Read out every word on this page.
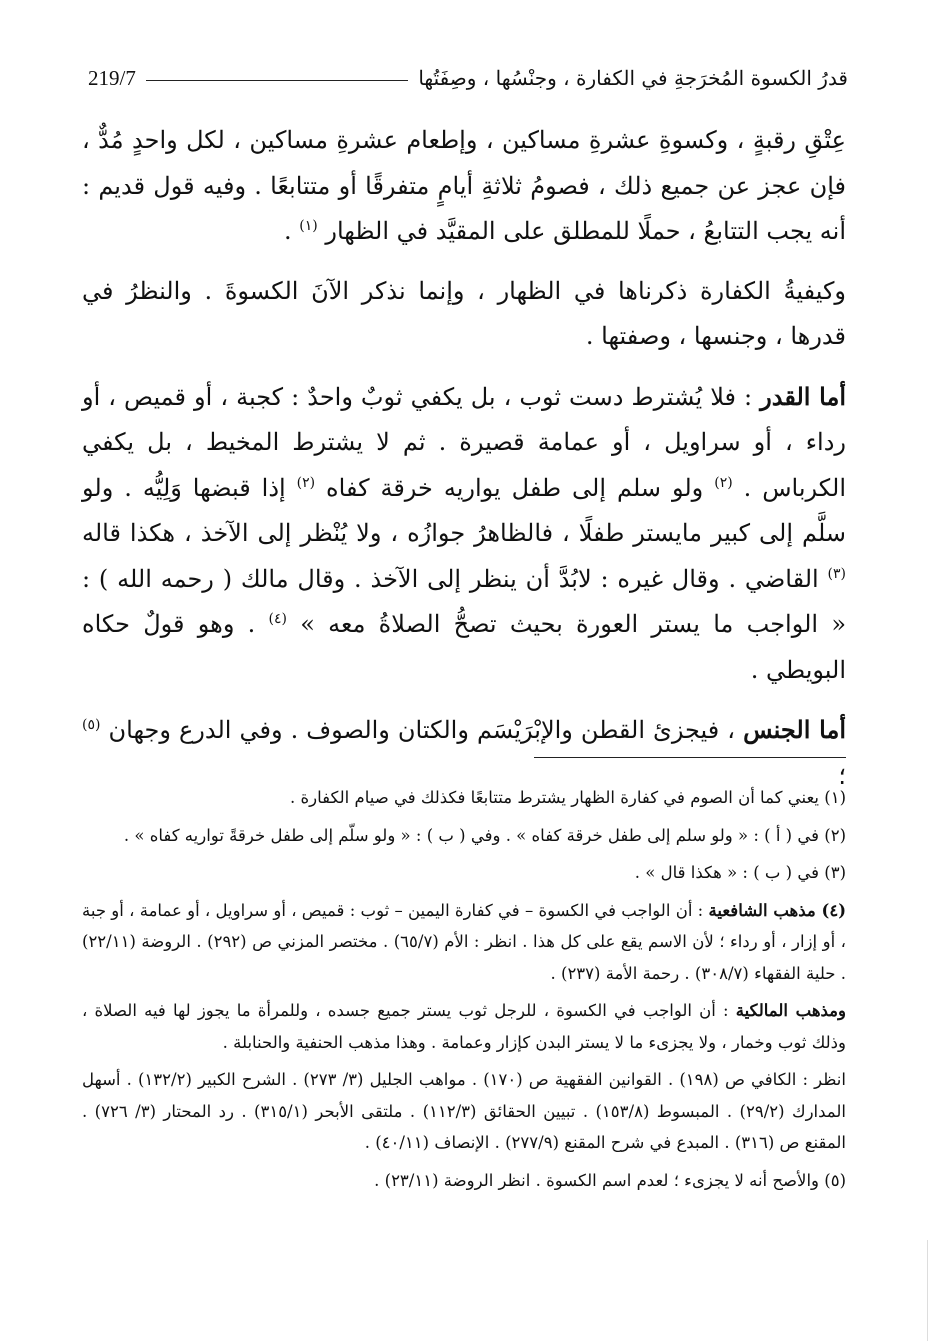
219/7	قدرُ الكسوة المُخرَجةِ في الكفارة ، وجنْسُها ، وصِفَتُها

عِتْقِ رقبةٍ ، وكسوةِ عشرةِ مساكين ، وإطعام عشرةِ مساكين ، لكل واحدٍ مُدٌّ ، فإن عجز عن جميع ذلك ، فصومُ ثلاثةِ أيامٍ متفرقًا أو متتابعًا . وفيه قول قديم : أنه يجب التتابعُ ، حملًا للمطلق على المقيَّد في الظهار $^{(١)}$ .

وكيفيةُ الكفارة ذكرناها في الظهار ، وإنما نذكر الآنَ الكسوةَ . والنظرُ في قدرها ، وجنسها ، وصفتها .

أما القدر : فلا يُشترط دست ثوب ، بل يكفي ثوبٌ واحدٌ : كجبة ، أو قميص ، أو رداء ، أو سراويل ، أو عمامة قصيرة . ثم لا يشترط المخيط ، بل يكفي الكرباس . $^{(٢)}$ ولو سلم إلى طفل يواريه خرقة كفاه $^{(٢)}$ إذا قبضها وَلِيُّه . ولو سلَّم إلى كبير مايستر طفلًا ، فالظاهرُ جوازُه ، ولا يُنْظر إلى الآخذ ، هكذا قاله $^{(٣)}$ القاضي . وقال غيره : لابُدَّ أن ينظر إلى الآخذ . وقال مالك ( رحمه الله ) : « الواجب ما يستر العورة بحيث تصحُّ الصلاةُ معه » $^{(٤)}$ . وهو قولٌ حكاه البويطي .

أما الجنس ، فيجزئ القطن والإبْرَيْسَم والكتان والصوف . وفي الدرع وجهان $^{(٥)}$ ؛

(١) يعني كما أن الصوم في كفارة الظهار يشترط متتابعًا فكذلك في صيام الكفارة .

(٢) في ( أ ) : « ولو سلم إلى طفل خرقة كفاه » . وفي ( ب ) : « ولو سلّم إلى طفل خرقةً تواريه كفاه » .

(٣) في ( ب ) : « هكذا قال » .

(٤) مذهب الشافعية : أن الواجب في الكسوة – في كفارة اليمين – ثوب : قميص ، أو سراويل ، أو عمامة ، أو جبة ، أو إزار ، أو رداء ؛ لأن الاسم يقع على كل هذا . انظر : الأم (٦٥/٧) . مختصر المزني ص (٢٩٢) . الروضة (٢٢/١١) . حلية الفقهاء (٣٠٨/٧) . رحمة الأمة (٢٣٧) .

ومذهب المالكية : أن الواجب في الكسوة ، للرجل ثوب يستر جميع جسده ، وللمرأة ما يجوز لها فيه الصلاة ، وذلك ثوب وخمار ، ولا يجزىء ما لا يستر البدن كإزار وعمامة . وهذا مذهب الحنفية والحنابلة .

انظر : الكافي ص (١٩٨) . القوانين الفقهية ص (١٧٠) . مواهب الجليل (٣/ ٢٧٣) . الشرح الكبير (١٣٢/٢) . أسهل المدارك (٢٩/٢) . المبسوط (١٥٣/٨) . تبيين الحقائق (١١٢/٣) . ملتقى الأبحر (٣١٥/١) . رد المحتار (٣/ ٧٢٦) . المقنع ص (٣١٦) . المبدع في شرح المقنع (٢٧٧/٩) . الإنصاف (٤٠/١١) .

(٥) والأصح أنه لا يجزىء ؛ لعدم اسم الكسوة . انظر الروضة (٢٣/١١) .
